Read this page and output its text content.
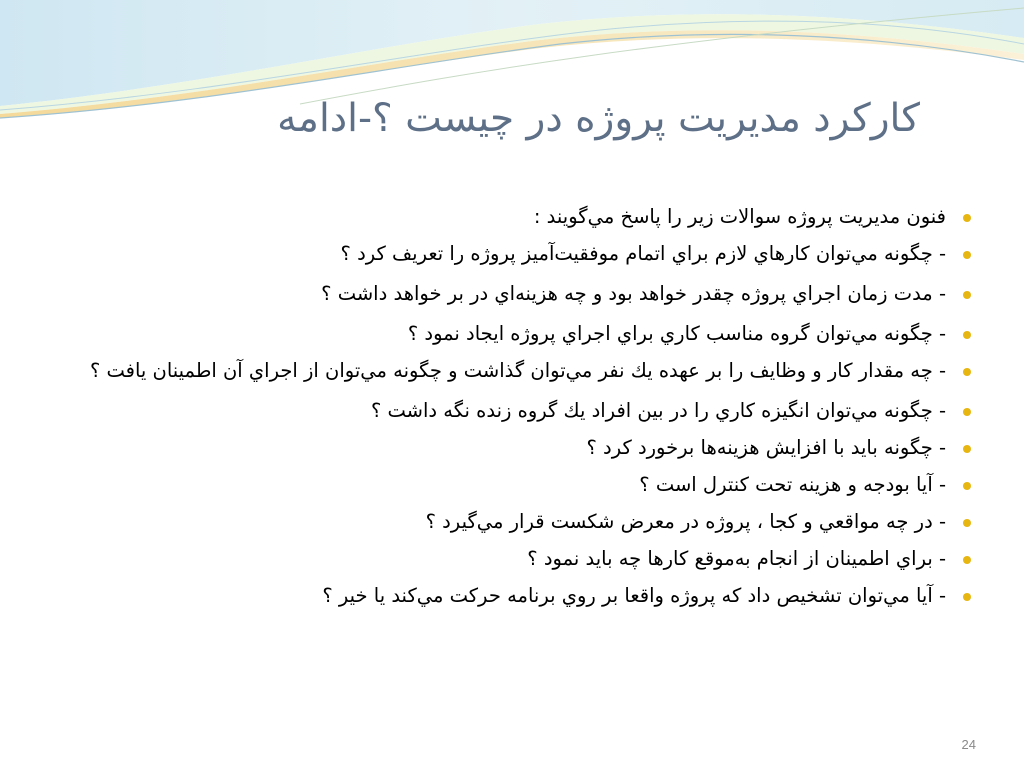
کارکرد مديريت پروژه در چيست ؟-ادامه
فنون مديريت پروژه سوالات زير را پاسخ مي‌گويند :
- چگونه مي‌توان كارهاي لازم براي اتمام موفقيت‌آميز پروژه را تعريف كرد ؟
- مدت زمان اجراي پروژه چقدر خواهد بود و چه هزينه‌اي در بر خواهد داشت ؟
- چگونه مي‌توان گروه مناسب كاري براي اجراي پروژه ايجاد نمود ؟
- چه مقدار كار و وظايف را بر عهده يك نفر مي‌توان گذاشت و چگونه مي‌توان از اجراي آن اطمينان يافت ؟
- چگونه مي‌توان انگيزه كاري را در بين افراد يك گروه زنده نگه داشت ؟
- چگونه بايد با افزايش هزينه‌ها برخورد كرد ؟
- آيا بودجه و هزينه تحت كنترل است ؟
- در چه مواقعي و كجا ، پروژه در معرض شكست قرار مي‌گيرد ؟
- براي اطمينان از انجام به‌موقع كارها چه بايد نمود ؟
- آيا مي‌توان تشخيص داد كه پروژه واقعا بر روي برنامه حركت مي‌كند يا خير ؟
24
